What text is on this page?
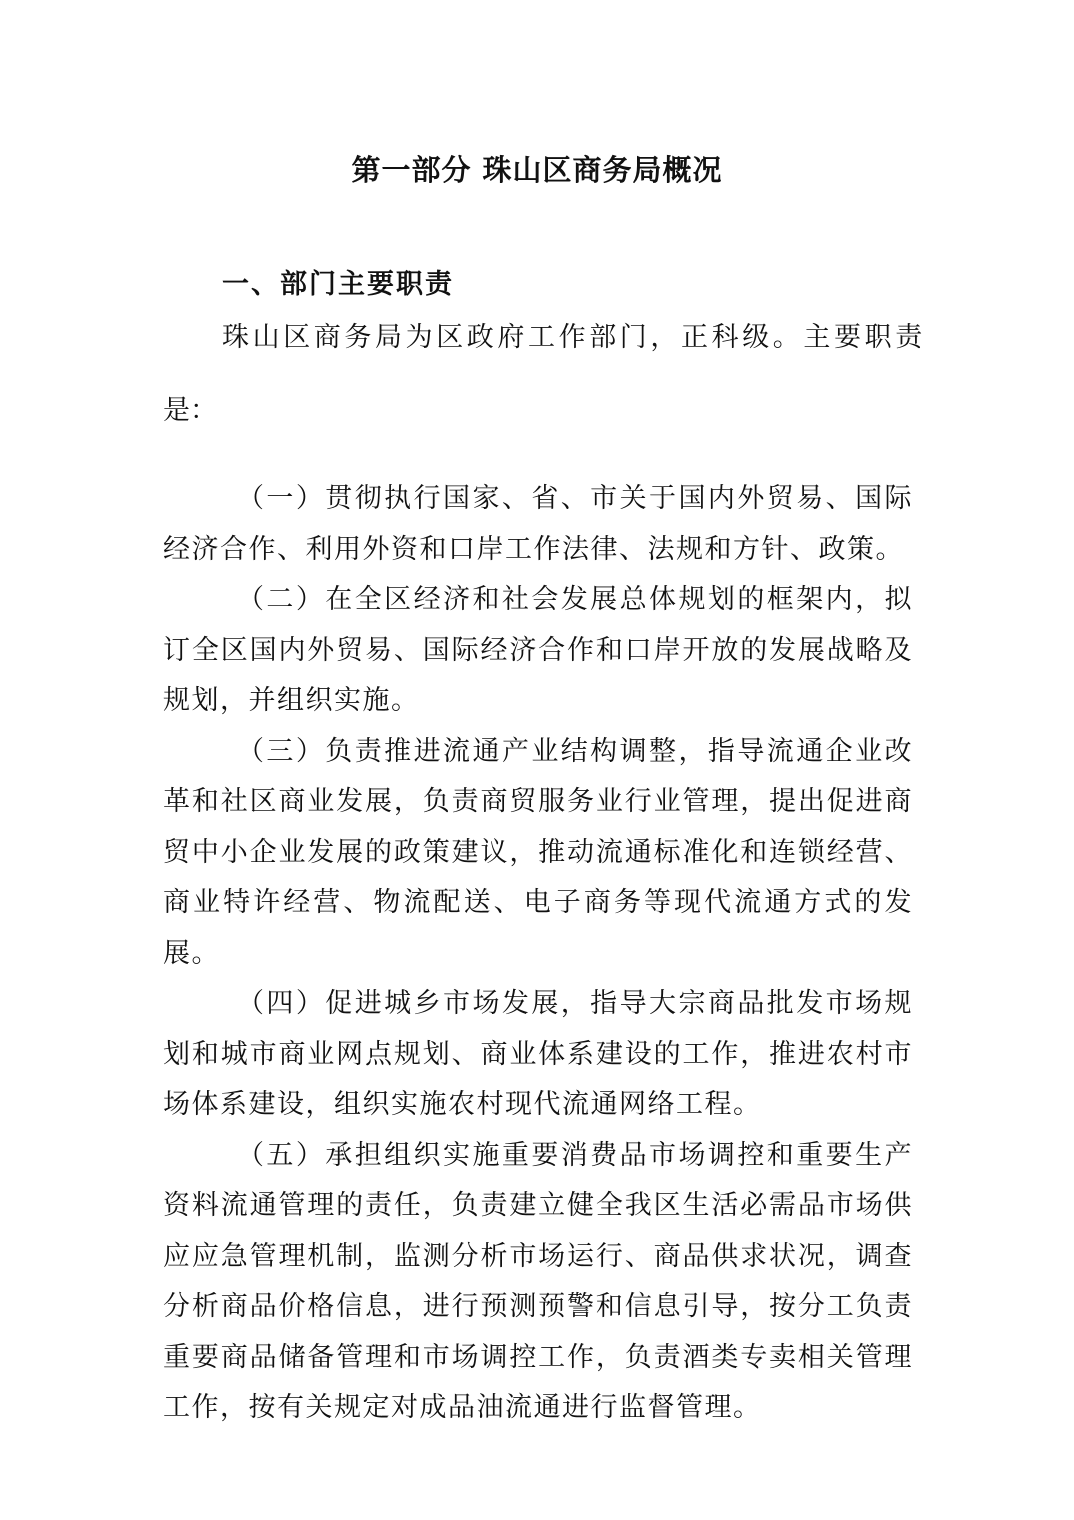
第一部分 珠山区商务局概况
一、部门主要职责
珠山区商务局为区政府工作部门，正科级。主要职责
是：

（一）贯彻执行国家、省、市关于国内外贸易、国际经济合作、利用外资和口岸工作法律、法规和方针、政策。

（二）在全区经济和社会发展总体规划的框架内，拟订全区国内外贸易、国际经济合作和口岸开放的发展战略及规划，并组织实施。

（三）负责推进流通产业结构调整，指导流通企业改革和社区商业发展，负责商贸服务业行业管理，提出促进商贸中小企业发展的政策建议，推动流通标准化和连锁经营、商业特许经营、物流配送、电子商务等现代流通方式的发展。

（四）促进城乡市场发展，指导大宗商品批发市场规划和城市商业网点规划、商业体系建设的工作，推进农村市场体系建设，组织实施农村现代流通网络工程。

（五）承担组织实施重要消费品市场调控和重要生产资料流通管理的责任，负责建立健全我区生活必需品市场供应应急管理机制，监测分析市场运行、商品供求状况，调查分析商品价格信息，进行预测预警和信息引导，按分工负责重要商品储备管理和市场调控工作，负责酒类专卖相关管理工作，按有关规定对成品油流通进行监督管理。
